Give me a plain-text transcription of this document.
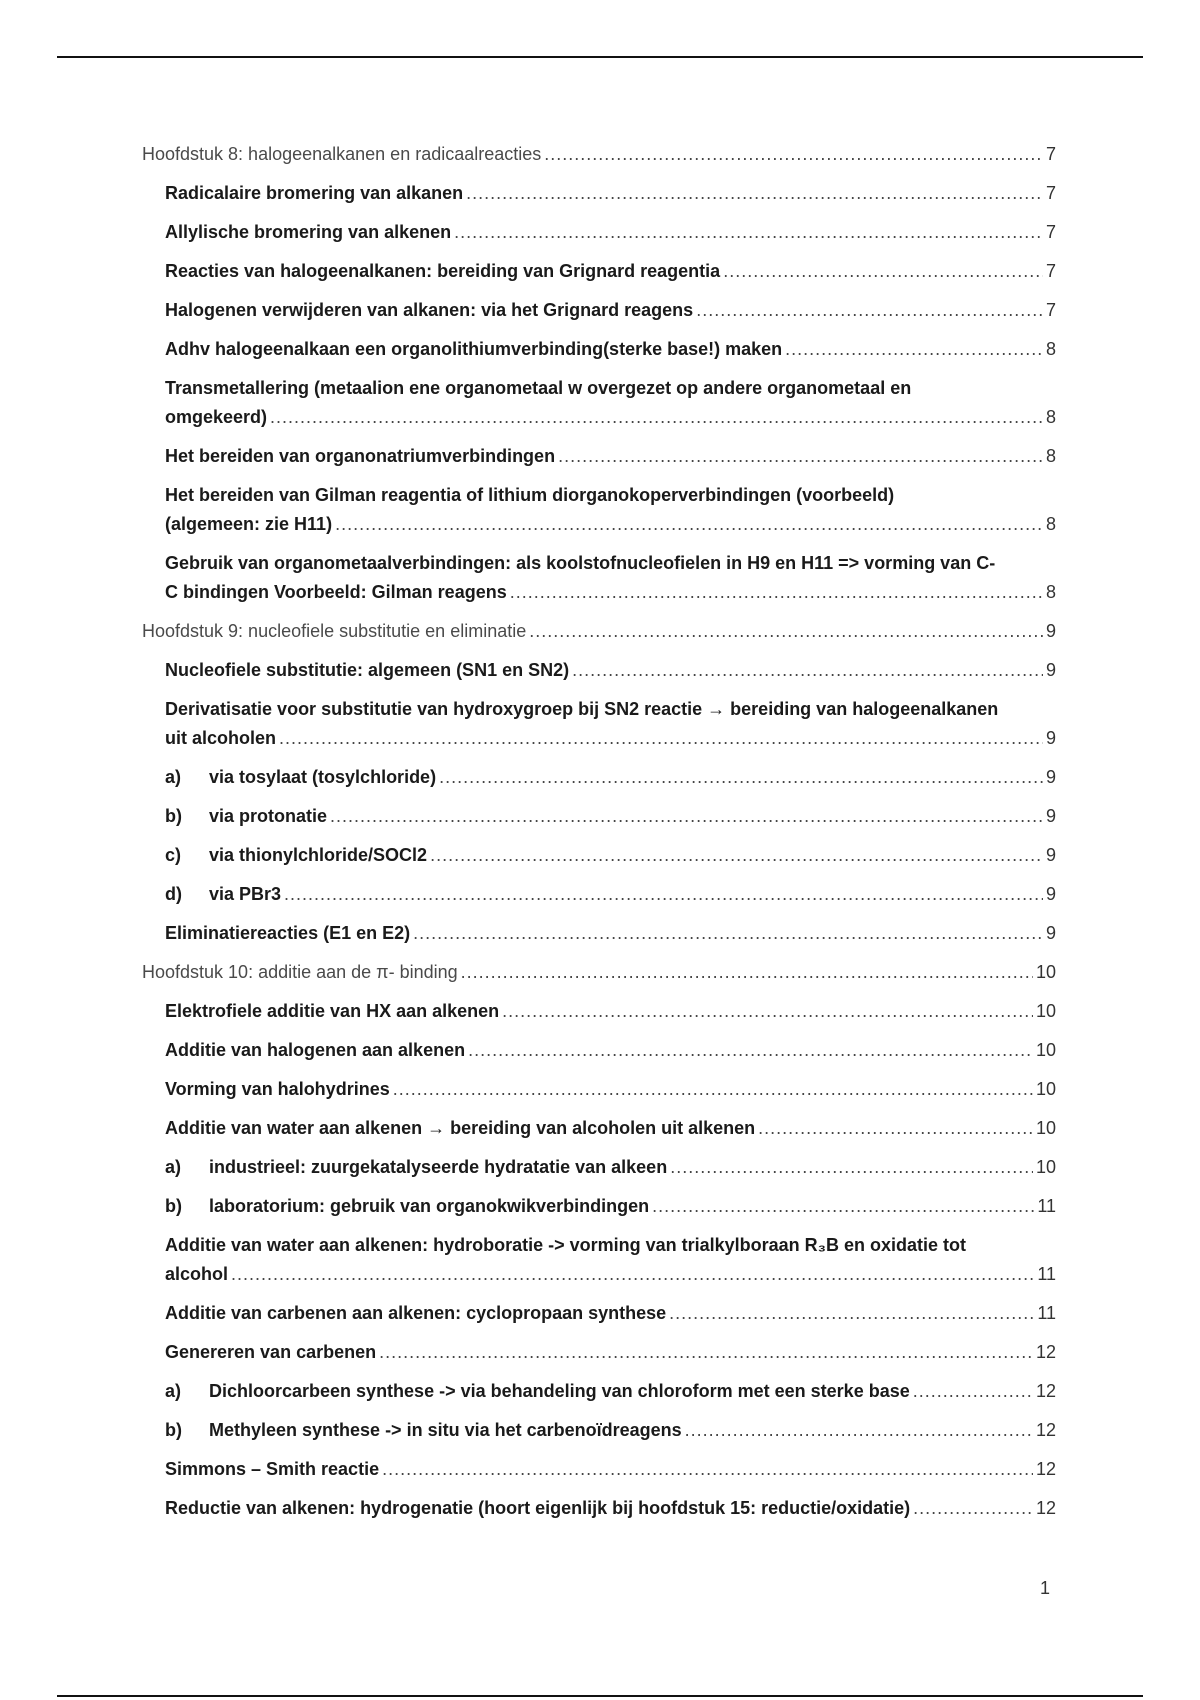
Hoofdstuk 8: halogeenalkanen en radicaalreacties .....	7
Radicalaire bromering van alkanen .....	7
Allylische bromering van alkenen .....	7
Reacties van halogeenalkanen: bereiding van Grignard reagentia .....	7
Halogenen verwijderen van alkanen: via het Grignard reagens .....	7
Adhv halogeenalkaan een organolithiumverbinding(sterke base!) maken .....	8
Transmetallering (metaalion ene organometaal w overgezet op andere organometaal en
omgekeerd) .....	8
Het bereiden van organonatriumverbindingen .....	8
Het bereiden van Gilman reagentia of lithium diorganokoperverbindingen (voorbeeld)
(algemeen: zie H11) .....	8
Gebruik van organometaalverbindingen: als koolstofnucleofielen in H9 en H11 => vorming van C-
C bindingen Voorbeeld: Gilman reagens .....	8
Hoofdstuk 9: nucleofiele substitutie en eliminatie .....	9
Nucleofiele substitutie: algemeen (SN1 en SN2) .....	9
Derivatisatie voor substitutie van hydroxygroep bij SN2 reactie → bereiding van halogeenalkanen
uit alcoholen .....	9
a)	via tosylaat (tosylchloride) .....	9
b)	via protonatie .....	9
c)	via thionylchloride/SOCl2 .....	9
d)	via PBr3 .....	9
Eliminatiereacties (E1 en E2) .....	9
Hoofdstuk 10: additie aan de π- binding .....	10
Elektrofiele additie van HX aan alkenen .....	10
Additie van halogenen aan alkenen .....	10
Vorming van halohydrines .....	10
Additie van water aan alkenen → bereiding van alcoholen uit alkenen .....	10
a)	industrieel: zuurgekatalyseerde hydratatie van alkeen .....	10
b)	laboratorium: gebruik van organokwikverbindingen .....	11
Additie van water aan alkenen: hydroboratie -> vorming van trialkylboraan R₃B en oxidatie tot
alcohol .....	11
Additie van carbenen aan alkenen: cyclopropaan synthese .....	11
Genereren van carbenen .....	12
a)	Dichloorcarbeen synthese -> via behandeling van chloroform met een sterke base .....	12
b)	Methyleen synthese -> in situ via het carbenoïdreagens .....	12
Simmons – Smith reactie .....	12
Reductie van alkenen: hydrogenatie (hoort eigenlijk bij hoofdstuk 15: reductie/oxidatie) .....	12
1
